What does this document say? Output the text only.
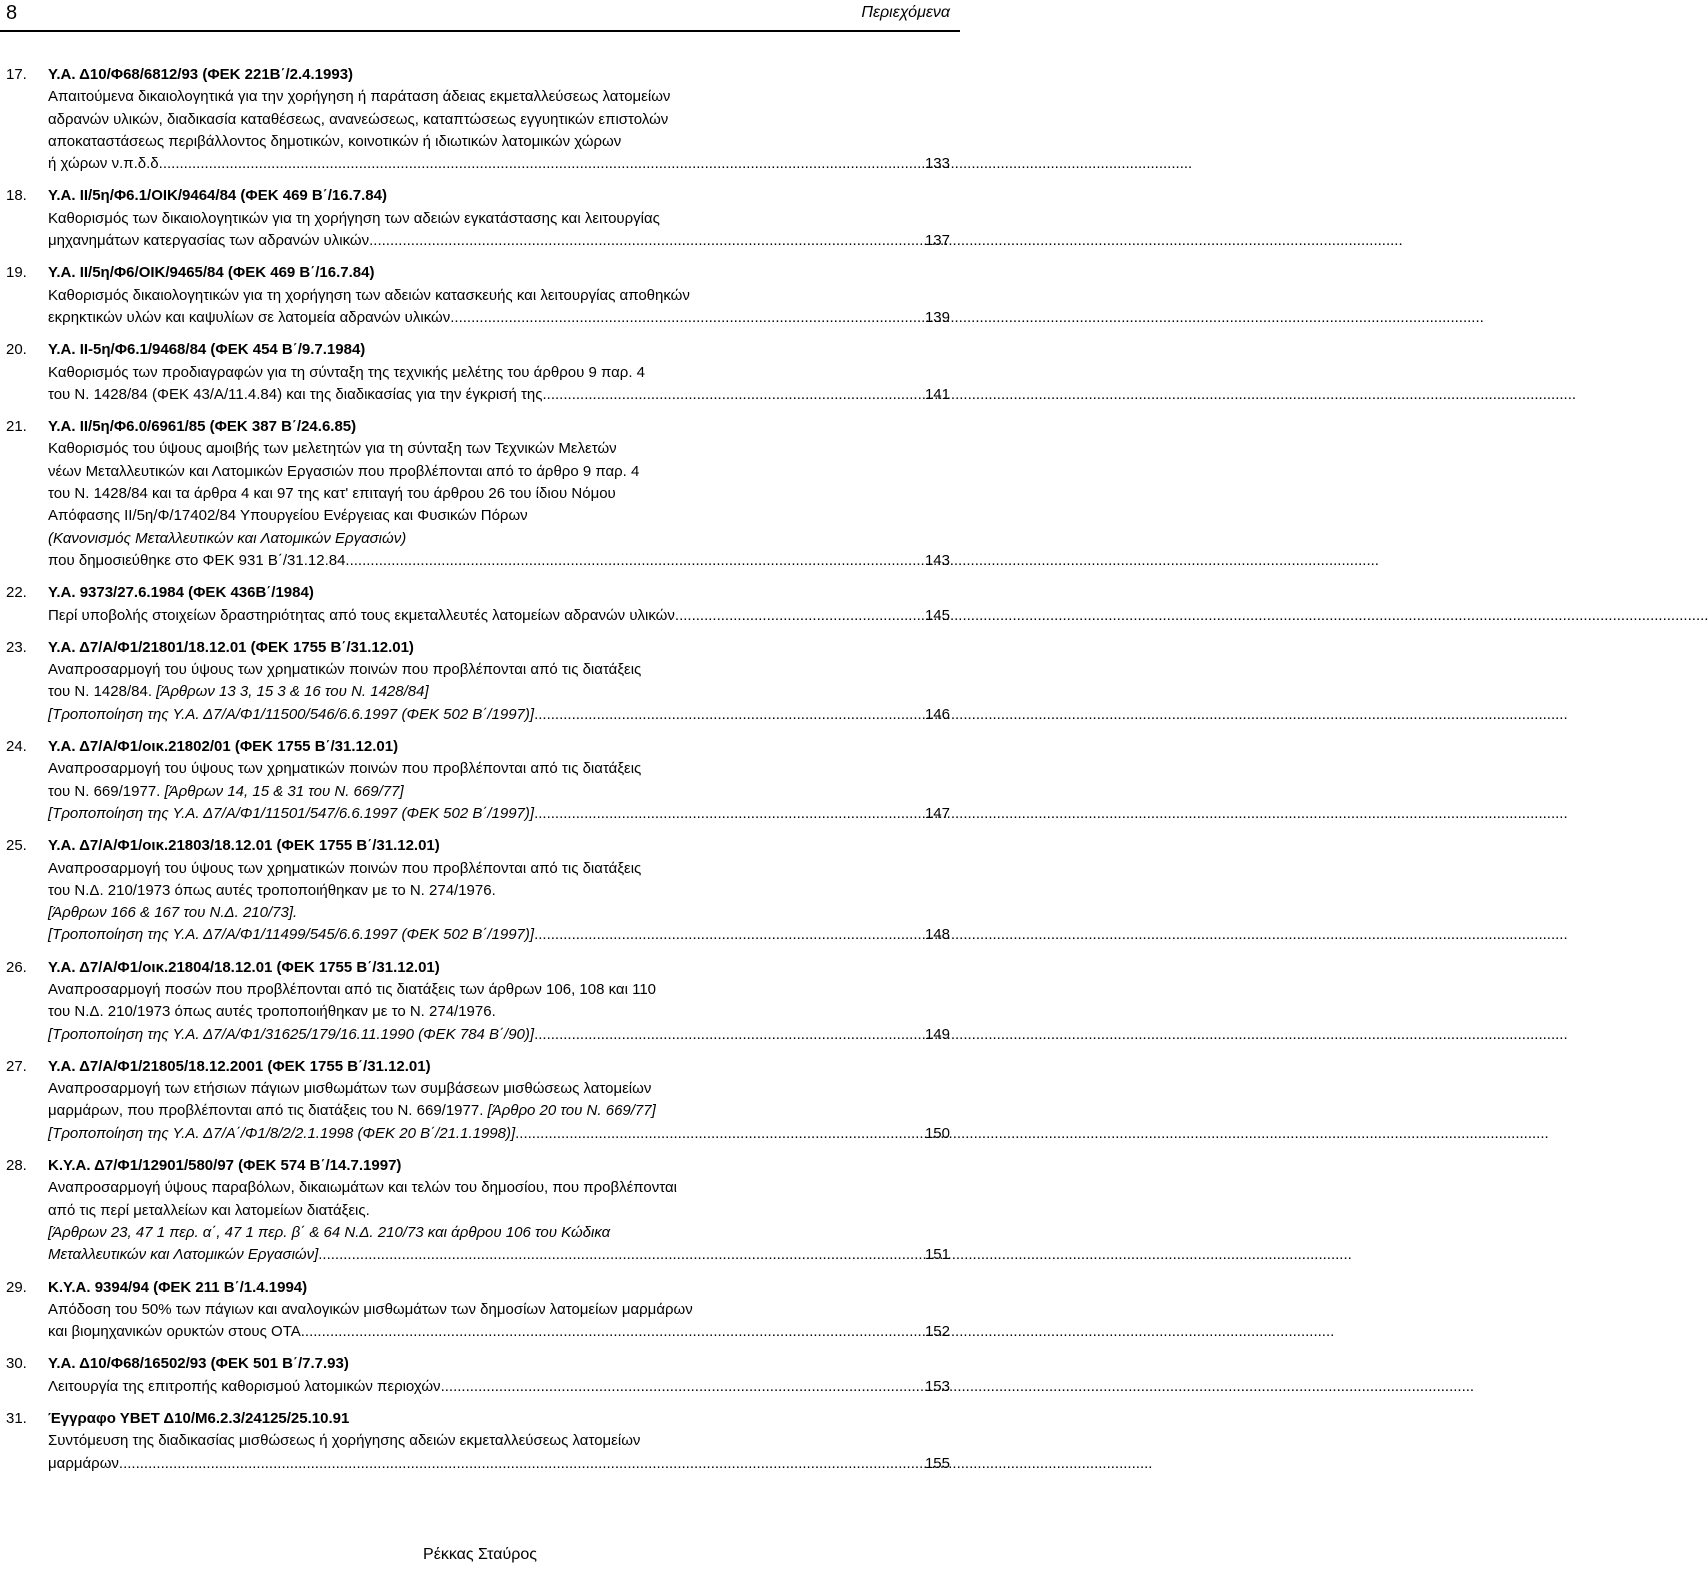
8	Περιεχόμενα
17. Υ.Α. Δ10/Φ68/6812/93 (ΦΕΚ 221Β΄/2.4.1993)
Απαιτούμενα δικαιολογητικά για την χορήγηση ή παράταση άδειας εκμεταλλεύσεως λατομείων
αδρανών υλικών, διαδικασία καταθέσεως, ανανεώσεως, καταπτώσεως εγγυητικών επιστολών
αποκαταστάσεως περιβάλλοντος δημοτικών, κοινοτικών ή ιδιωτικών λατομικών χώρων
ή χώρων ν.π.δ.δ .....	133
18. Υ.Α. ΙΙ/5η/Φ6.1/ΟΙΚ/9464/84 (ΦΕΚ 469 Β΄/16.7.84)
Καθορισμός των δικαιολογητικών για τη χορήγηση των αδειών εγκατάστασης και λειτουργίας
μηχανημάτων κατεργασίας των αδρανών υλικών .....	137
19. Υ.Α. ΙΙ/5η/Φ6/ΟΙΚ/9465/84 (ΦΕΚ 469 Β΄/16.7.84)
Καθορισμός δικαιολογητικών για τη χορήγηση των αδειών κατασκευής και λειτουργίας αποθηκών
εκρηκτικών υλών και καψυλίων σε λατομεία αδρανών υλικών .....	139
20. Υ.Α. ΙΙ-5η/Φ6.1/9468/84 (ΦΕΚ 454 Β΄/9.7.1984)
Καθορισμός των προδιαγραφών για τη σύνταξη της τεχνικής μελέτης του άρθρου 9 παρ. 4
του Ν. 1428/84 (ΦΕΚ 43/Α/11.4.84) και της διαδικασίας για την έγκρισή της .....	141
21. Υ.Α. ΙΙ/5η/Φ6.0/6961/85 (ΦΕΚ 387 Β΄/24.6.85)
Καθορισμός του ύψους αμοιβής των μελετητών για τη σύνταξη των Τεχνικών Μελετών
νέων Μεταλλευτικών και Λατομικών Εργασιών που προβλέπονται από το άρθρο 9 παρ. 4
του Ν. 1428/84 και τα άρθρα 4 και 97 της κατ' επιταγή του άρθρου 26 του ίδιου Νόμου
Απόφασης ΙΙ/5η/Φ/17402/84 Υπουργείου Ενέργειας και Φυσικών Πόρων
(Κανονισμός Μεταλλευτικών και Λατομικών Εργασιών)
που δημοσιεύθηκε στο ΦΕΚ 931 Β΄/31.12.84 .....	143
22. Υ.Α. 9373/27.6.1984 (ΦΕΚ 436Β΄/1984)
Περί υποβολής στοιχείων δραστηριότητας από τους εκμεταλλευτές λατομείων αδρανών υλικών .....	145
23. Υ.Α. Δ7/Α/Φ1/21801/18.12.01 (ΦΕΚ 1755 Β΄/31.12.01)
Αναπροσαρμογή του ύψους των χρηματικών ποινών που προβλέπονται από τις διατάξεις
του Ν. 1428/84. [Άρθρων 13 3, 15 3 & 16 του Ν. 1428/84]
[Τροποποίηση της Υ.Α. Δ7/Α/Φ1/11500/546/6.6.1997 (ΦΕΚ 502 Β΄/1997)] .....	146
24. Υ.Α. Δ7/Α/Φ1/οικ.21802/01 (ΦΕΚ 1755 Β΄/31.12.01)
Αναπροσαρμογή του ύψους των χρηματικών ποινών που προβλέπονται από τις διατάξεις
του Ν. 669/1977. [Άρθρων 14, 15 & 31 του Ν. 669/77]
[Τροποποίηση της Υ.Α. Δ7/Α/Φ1/11501/547/6.6.1997 (ΦΕΚ 502 Β΄/1997)] .....	147
25. Υ.Α. Δ7/Α/Φ1/οικ.21803/18.12.01 (ΦΕΚ 1755 Β΄/31.12.01)
Αναπροσαρμογή του ύψους των χρηματικών ποινών που προβλέπονται από τις διατάξεις
του Ν.Δ. 210/1973 όπως αυτές τροποποιήθηκαν με το Ν. 274/1976.
[Άρθρων 166 & 167 του Ν.Δ. 210/73].
[Τροποποίηση της Υ.Α. Δ7/Α/Φ1/11499/545/6.6.1997 (ΦΕΚ 502 Β΄/1997)] .....	148
26. Υ.Α. Δ7/Α/Φ1/οικ.21804/18.12.01 (ΦΕΚ 1755 Β΄/31.12.01)
Αναπροσαρμογή ποσών που προβλέπονται από τις διατάξεις των άρθρων 106, 108 και 110
του Ν.Δ. 210/1973 όπως αυτές τροποποιήθηκαν με το Ν. 274/1976.
[Τροποποίηση της Υ.Α. Δ7/Α/Φ1/31625/179/16.11.1990 (ΦΕΚ 784 Β΄/90)] .....	149
27. Υ.Α. Δ7/Α/Φ1/21805/18.12.2001 (ΦΕΚ 1755 Β΄/31.12.01)
Αναπροσαρμογή των ετήσιων πάγιων μισθωμάτων των συμβάσεων μισθώσεως λατομείων
μαρμάρων, που προβλέπονται από τις διατάξεις του Ν. 669/1977. [Άρθρο 20 του Ν. 669/77]
[Τροποποίηση της Υ.Α. Δ7/Α΄/Φ1/8/2/2.1.1998 (ΦΕΚ 20 Β΄/21.1.1998)] .....	150
28. Κ.Υ.Α. Δ7/Φ1/12901/580/97 (ΦΕΚ 574 Β΄/14.7.1997)
Αναπροσαρμογή ύψους παραβόλων, δικαιωμάτων και τελών του δημοσίου, που προβλέπονται
από τις περί μεταλλείων και λατομείων διατάξεις.
[Άρθρων 23, 47 1 περ. α΄, 47 1 περ. β΄ & 64 Ν.Δ. 210/73 και άρθρου 106 του Κώδικα
Μεταλλευτικών και Λατομικών Εργασιών] .....	151
29. Κ.Υ.Α. 9394/94 (ΦΕΚ 211 Β΄/1.4.1994)
Απόδοση του 50% των πάγιων και αναλογικών μισθωμάτων των δημοσίων λατομείων μαρμάρων
και βιομηχανικών ορυκτών στους ΟΤΑ .....	152
30. Υ.Α. Δ10/Φ68/16502/93 (ΦΕΚ 501 Β΄/7.7.93)
Λειτουργία της επιτροπής καθορισμού λατομικών περιοχών .....	153
31. Έγγραφο ΥΒΕΤ Δ10/Μ6.2.3/24125/25.10.91
Συντόμευση της διαδικασίας μισθώσεως ή χορήγησης αδειών εκμεταλλεύσεως λατομείων
μαρμάρων .....	155
Ρέκκας Σταύρος
